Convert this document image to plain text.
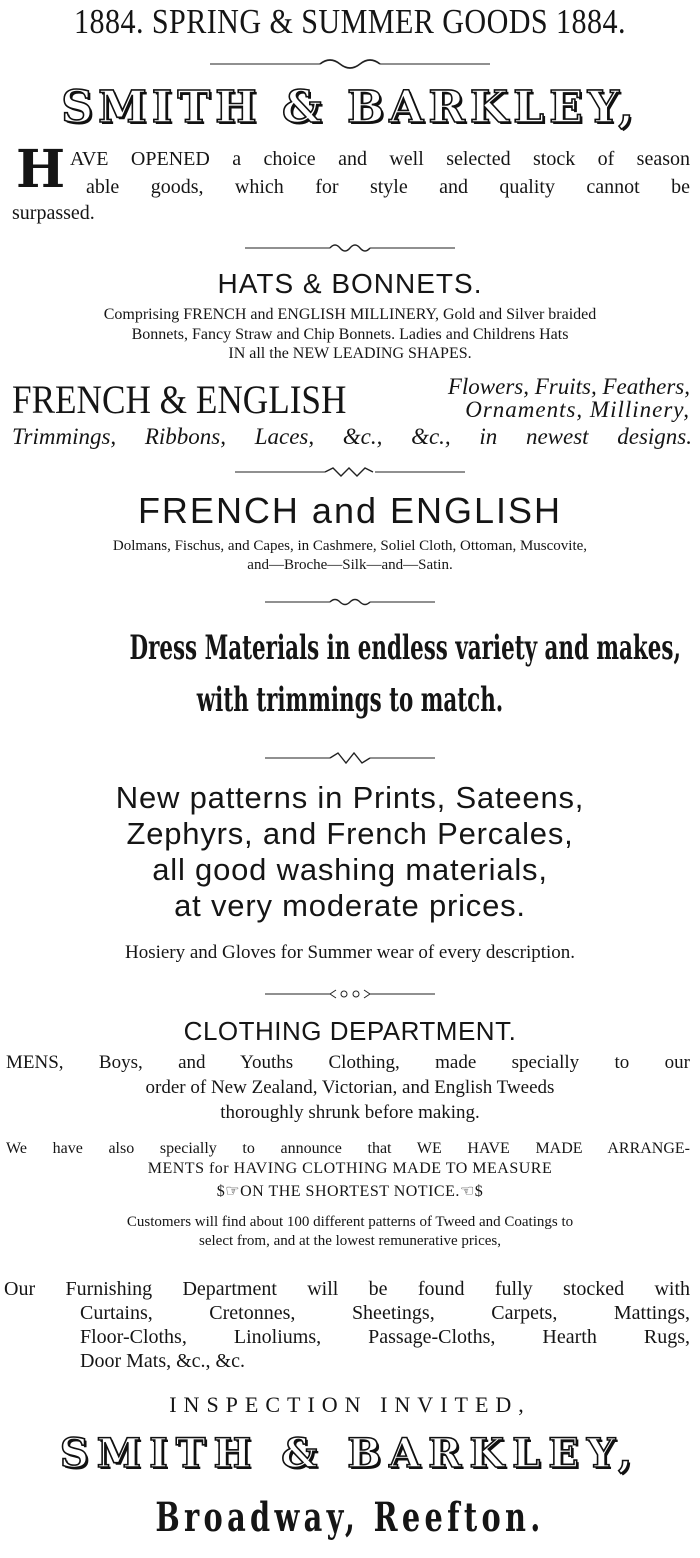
1884. SPRING & SUMMER GOODS 1884.
SMITH & BARKLEY,
H AVE OPENED a choice and well selected stock of season
able goods, which for style and quality cannot be
surpassed.
HATS & BONNETS.
Comprising FRENCH and ENGLISH MILLINERY, Gold and Silver braided
Bonnets, Fancy Straw and Chip Bonnets. Ladies and Childrens Hats
IN all the NEW LEADING SHAPES.
FRENCH & ENGLISH	Flowers, Fruits, Feathers,
Ornaments, Millinery,
Trimmings, Ribbons, Laces, &c., &c., in newest designs.
FRENCH and ENGLISH
Dolmans, Fischus, and Capes, in Cashmere, Soliel Cloth, Ottoman, Muscovite,
and—Broche—Silk—and—Satin.
Dress Materials in endless variety and makes,
with trimmings to match.
New patterns in Prints, Sateens,
Zephyrs, and French Percales,
all good washing materials,
at very moderate prices.
Hosiery and Gloves for Summer wear of every description.
CLOTHING DEPARTMENT.
MENS, Boys, and Youths Clothing, made specially to our
order of New Zealand, Victorian, and English Tweeds
thoroughly shrunk before making.
We have also specially to announce that WE HAVE MADE ARRANGE-
MENTS for HAVING CLOTHING MADE TO MEASURE
$☞ON THE SHORTEST NOTICE.☜$
Customers will find about 100 different patterns of Tweed and Coatings to
select from, and at the lowest remunerative prices,
Our Furnishing Department will be found fully stocked with
Curtains, Cretonnes, Sheetings, Carpets, Mattings,
Floor-Cloths, Linoliums, Passage-Cloths, Hearth Rugs,
Door Mats, &c., &c.
INSPECTION INVITED,
SMITH & BARKLEY,
Broadway, Reefton.
